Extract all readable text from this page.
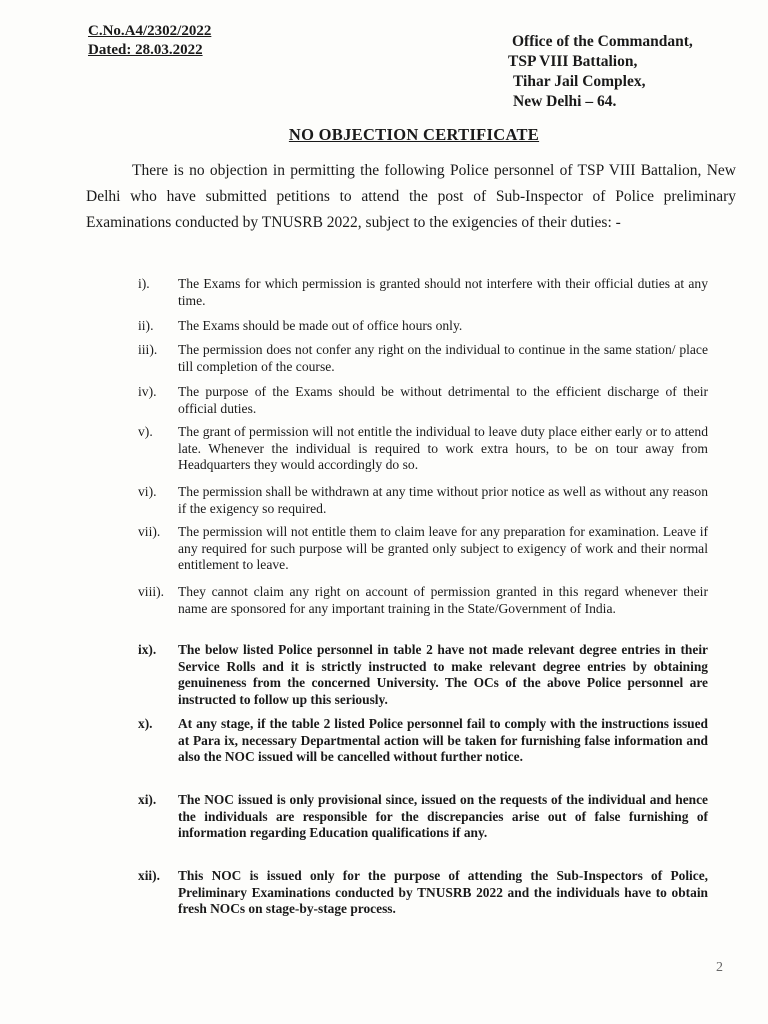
C.No.A4/2302/2022
Dated: 28.03.2022	Office of the Commandant,
TSP VIII Battalion,
Tihar Jail Complex,
New Delhi – 64.
NO OBJECTION CERTIFICATE

There is no objection in permitting the following Police personnel of TSP VIII Battalion, New Delhi who have submitted petitions to attend the post of Sub-Inspector of Police preliminary Examinations conducted by TNUSRB 2022, subject to the exigencies of their duties: -

i).	The Exams for which permission is granted should not interfere with their official duties at any time.
ii).	The Exams should be made out of office hours only.
iii).	The permission does not confer any right on the individual to continue in the same station/ place till completion of the course.
iv).	The purpose of the Exams should be without detrimental to the efficient discharge of their official duties.
v).	The grant of permission will not entitle the individual to leave duty place either early or to attend late. Whenever the individual is required to work extra hours, to be on tour away from Headquarters they would accordingly do so.
vi).	The permission shall be withdrawn at any time without prior notice as well as without any reason if the exigency so required.
vii).	The permission will not entitle them to claim leave for any preparation for examination. Leave if any required for such purpose will be granted only subject to exigency of work and their normal entitlement to leave.
viii).	They cannot claim any right on account of permission granted in this regard whenever their name are sponsored for any important training in the State/Government of India.
ix).	The below listed Police personnel in table 2 have not made relevant degree entries in their Service Rolls and it is strictly instructed to make relevant degree entries by obtaining genuineness from the concerned University. The OCs of the above Police personnel are instructed to follow up this seriously.
x).	At any stage, if the table 2 listed Police personnel fail to comply with the instructions issued at Para ix, necessary Departmental action will be taken for furnishing false information and also the NOC issued will be cancelled without further notice.
xi).	The NOC issued is only provisional since, issued on the requests of the individual and hence the individuals are responsible for the discrepancies arise out of false furnishing of information regarding Education qualifications if any.
xii).	This NOC is issued only for the purpose of attending the Sub-Inspectors of Police, Preliminary Examinations conducted by TNUSRB 2022 and the individuals have to obtain fresh NOCs on stage-by-stage process.
2
